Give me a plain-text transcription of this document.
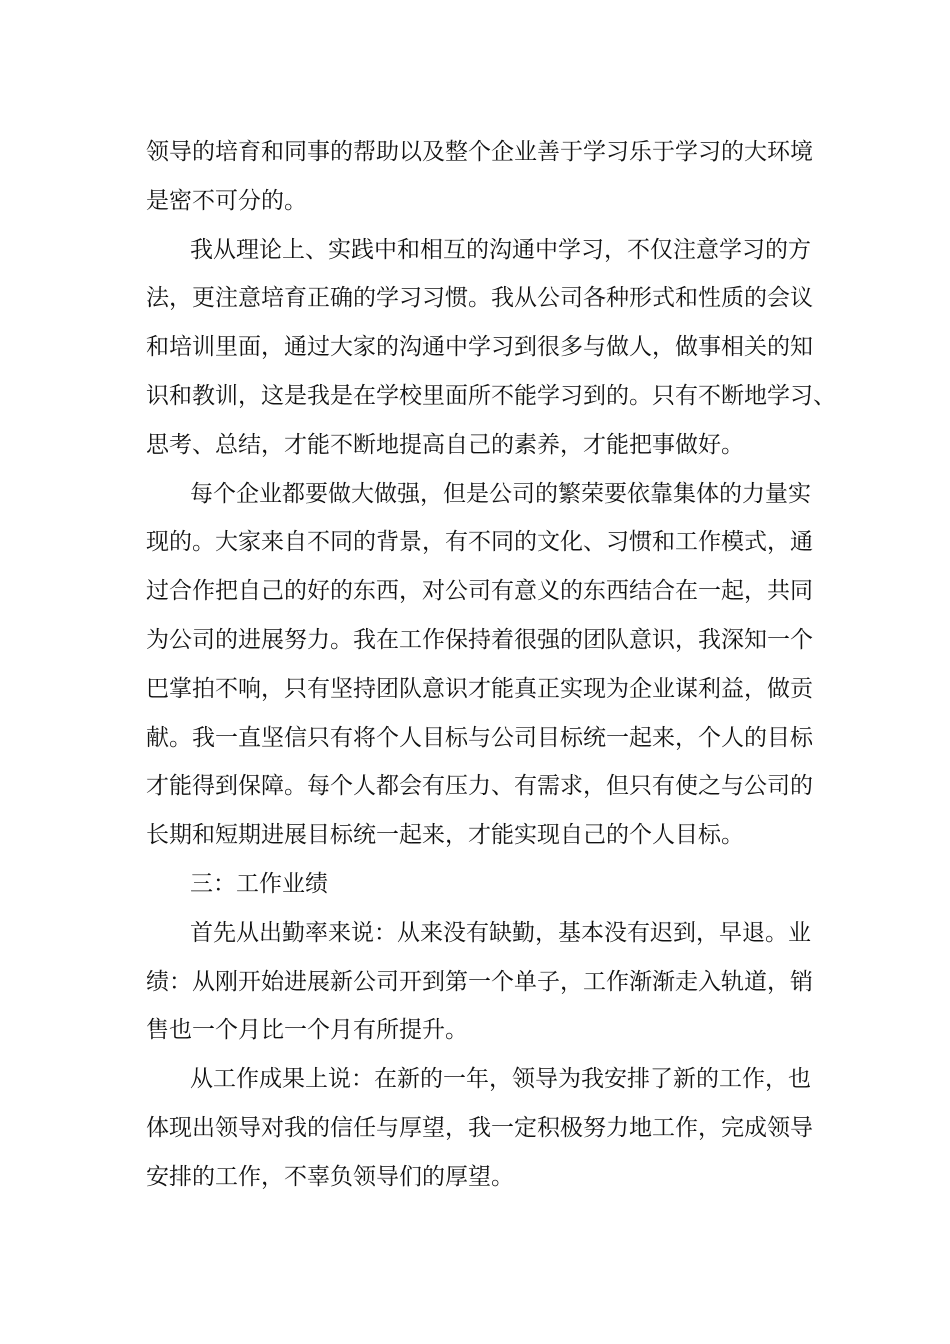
领导的培育和同事的帮助以及整个企业善于学习乐于学习的大环境
是密不可分的。
我从理论上、实践中和相互的沟通中学习，不仅注意学习的方
法，更注意培育正确的学习习惯。我从公司各种形式和性质的会议
和培训里面，通过大家的沟通中学习到很多与做人，做事相关的知
识和教训，这是我是在学校里面所不能学习到的。只有不断地学习、
思考、总结，才能不断地提高自己的素养，才能把事做好。
每个企业都要做大做强，但是公司的繁荣要依靠集体的力量实
现的。大家来自不同的背景，有不同的文化、习惯和工作模式，通
过合作把自己的好的东西，对公司有意义的东西结合在一起，共同
为公司的进展努力。我在工作保持着很强的团队意识，我深知一个
巴掌拍不响，只有坚持团队意识才能真正实现为企业谋利益，做贡
献。我一直坚信只有将个人目标与公司目标统一起来，个人的目标
才能得到保障。每个人都会有压力、有需求，但只有使之与公司的
长期和短期进展目标统一起来，才能实现自己的个人目标。
三：工作业绩
首先从出勤率来说：从来没有缺勤，基本没有迟到，早退。业
绩：从刚开始进展新公司开到第一个单子，工作渐渐走入轨道，销
售也一个月比一个月有所提升。
从工作成果上说：在新的一年，领导为我安排了新的工作，也
体现出领导对我的信任与厚望，我一定积极努力地工作，完成领导
安排的工作，不辜负领导们的厚望。
